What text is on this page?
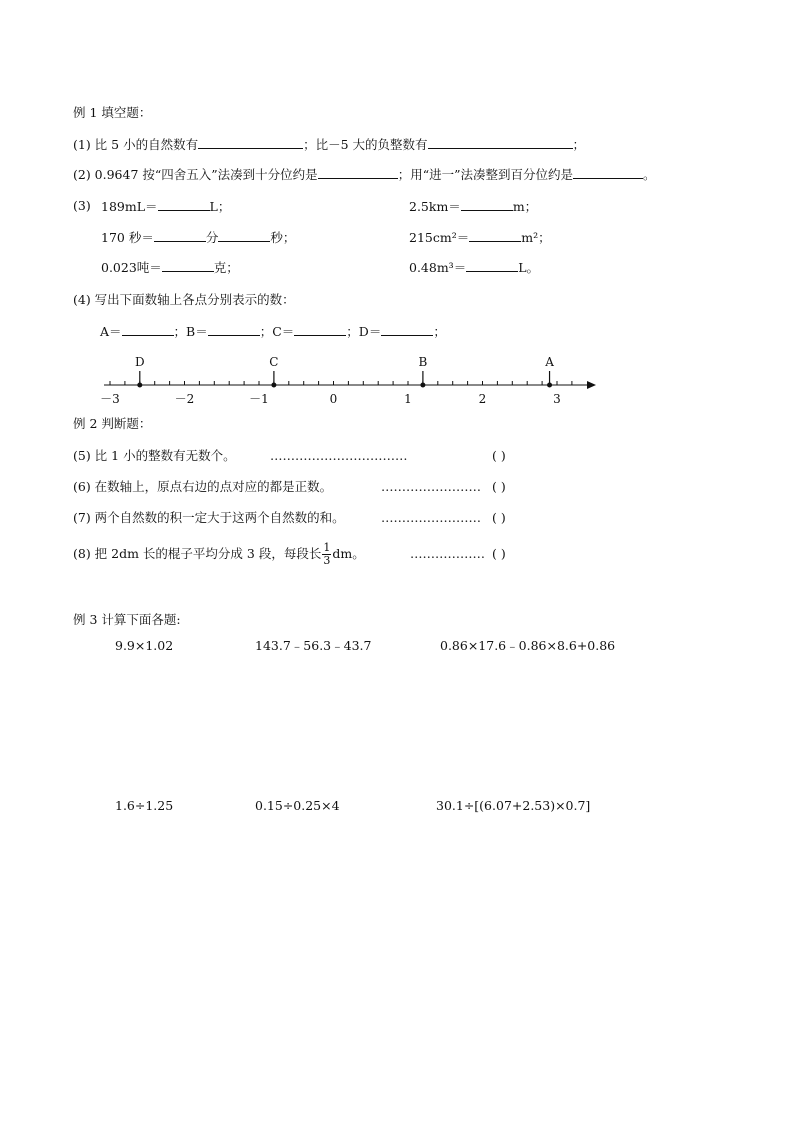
例 1 填空题：
(1) 比 5 小的自然数有	；比－5 大的负整数有	；
(2) 0.9647 按“四舍五入”法凑到十分位约是	；用“进一”法凑整到百分位约是	。
(3) 189mL＝	L；	2.5km＝	m；
170 秒＝	分	秒；	215cm²＝	m²；
0.023吨＝	克；	0.48m³＝	L。
(4) 写出下面数轴上各点分别表示的数：
A＝	；B＝	；C＝	；D＝	；
－3	－2	－1	0	1	2	3
D	C	B	A
例 2 判断题：
(5) 比 1 小的整数有无数个。	……………………………	( )
(6) 在数轴上，原点右边的点对应的都是正数。	…………………… ( )
(7) 两个自然数的积一定大于这两个自然数的和。	…………………… ( )
(8) 把 2dm 长的棍子平均分成 3 段，每段长 $\frac{1}{3}$ dm。	……………… ( )
例 3 计算下面各题:
9.9×1.02	143.7﹣56.3﹣43.7	0.86×17.6﹣0.86×8.6+0.86
1.6÷1.25	0.15÷0.25×4	30.1÷[(6.07+2.53)×0.7]
